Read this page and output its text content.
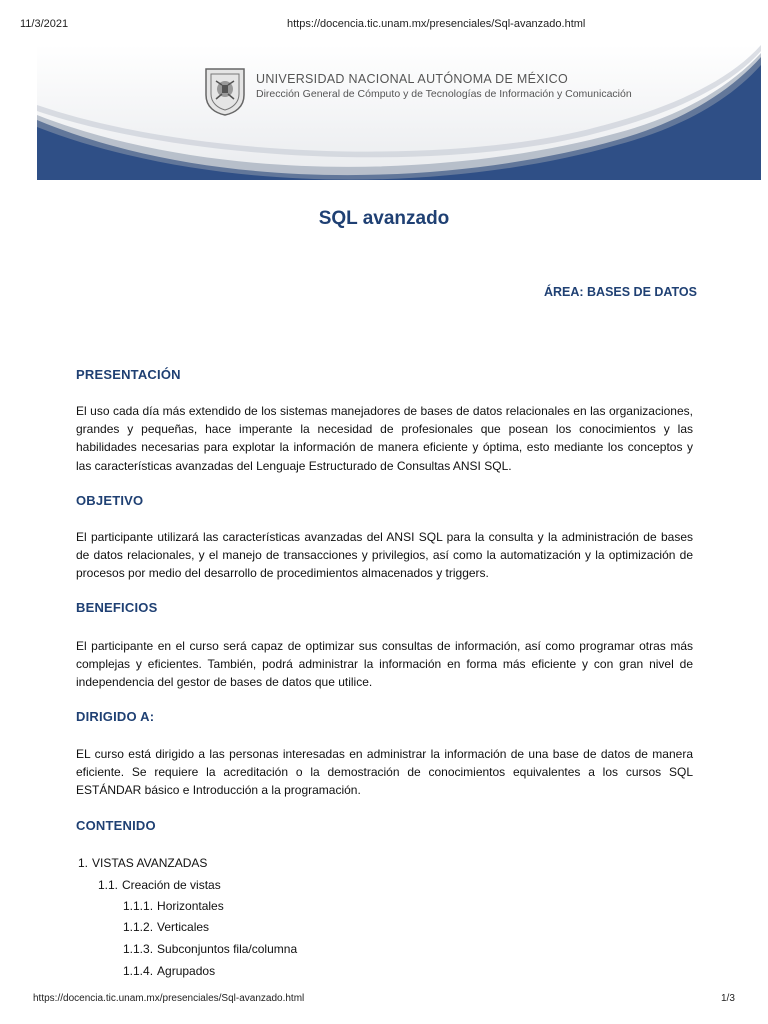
11/3/2021	https://docencia.tic.unam.mx/presenciales/Sql-avanzado.html
UNIVERSIDAD NACIONAL AUTÓNOMA DE MÉXICO
Dirección General de Cómputo y de Tecnologías de Información y Comunicación
SQL avanzado
ÁREA: BASES DE DATOS
PRESENTACIÓN

El uso cada día más extendido de los sistemas manejadores de bases de datos relacionales en las organizaciones, grandes y pequeñas, hace imperante la necesidad de profesionales que posean los conocimientos y las habilidades necesarias para explotar la información de manera eficiente y óptima, esto mediante los conceptos y las características avanzadas del Lenguaje Estructurado de Consultas ANSI SQL.

OBJETIVO

El participante utilizará las características avanzadas del ANSI SQL para la consulta y la administración de bases de datos relacionales, y el manejo de transacciones y privilegios, así como la automatización y la optimización de procesos por medio del desarrollo de procedimientos almacenados y triggers.

BENEFICIOS

El participante en el curso será capaz de optimizar sus consultas de información, así como programar otras más complejas y eficientes. También, podrá administrar la información en forma más eficiente y con gran nivel de independencia del gestor de bases de datos que utilice.

DIRIGIDO A:

EL curso está dirigido a las personas interesadas en administrar la información de una base de datos de manera eficiente. Se requiere la acreditación o la demostración de conocimientos equivalentes a los cursos SQL ESTÁNDAR básico e Introducción a la programación.

CONTENIDO
1. VISTAS AVANZADAS
1.1. Creación de vistas
1.1.1. Horizontales
1.1.2. Verticales
1.1.3. Subconjuntos fila/columna
1.1.4. Agrupados
https://docencia.tic.unam.mx/presenciales/Sql-avanzado.html	1/3
